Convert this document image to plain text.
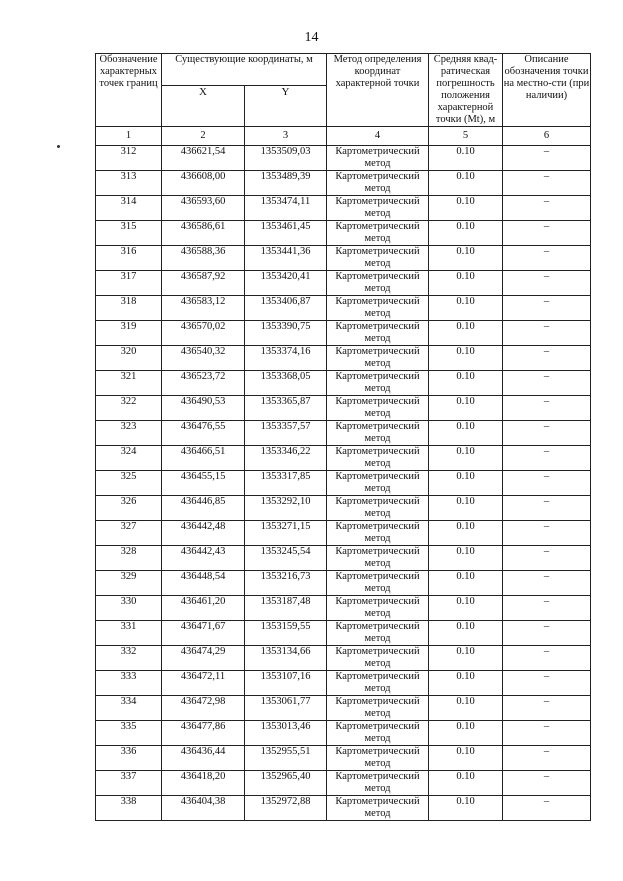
14
Обозначение характерных точек границ	Существующие координаты, м		Метод определения координат характерной точки	Средняя квад-ратическая погрешность положения характерной точки (Mt), м	Описание обозначения точки на местно-сти (при наличии)
	X	Y			
1	2	3	4	5	6
312	436621,54	1353509,03	Картометрический метод	0.10	–
313	436608,00	1353489,39	Картометрический метод	0.10	–
314	436593,60	1353474,11	Картометрический метод	0.10	–
315	436586,61	1353461,45	Картометрический метод	0.10	–
316	436588,36	1353441,36	Картометрический метод	0.10	–
317	436587,92	1353420,41	Картометрический метод	0.10	–
318	436583,12	1353406,87	Картометрический метод	0.10	–
319	436570,02	1353390,75	Картометрический метод	0.10	–
320	436540,32	1353374,16	Картометрический метод	0.10	–
321	436523,72	1353368,05	Картометрический метод	0.10	–
322	436490,53	1353365,87	Картометрический метод	0.10	–
323	436476,55	1353357,57	Картометрический метод	0.10	–
324	436466,51	1353346,22	Картометрический метод	0.10	–
325	436455,15	1353317,85	Картометрический метод	0.10	–
326	436446,85	1353292,10	Картометрический метод	0.10	–
327	436442,48	1353271,15	Картометрический метод	0.10	–
328	436442,43	1353245,54	Картометрический метод	0.10	–
329	436448,54	1353216,73	Картометрический метод	0.10	–
330	436461,20	1353187,48	Картометрический метод	0.10	–
331	436471,67	1353159,55	Картометрический метод	0.10	–
332	436474,29	1353134,66	Картометрический метод	0.10	–
333	436472,11	1353107,16	Картометрический метод	0.10	–
334	436472,98	1353061,77	Картометрический метод	0.10	–
335	436477,86	1353013,46	Картометрический метод	0.10	–
336	436436,44	1352955,51	Картометрический метод	0.10	–
337	436418,20	1352965,40	Картометрический метод	0.10	–
338	436404,38	1352972,88	Картометрический метод	0.10	–
